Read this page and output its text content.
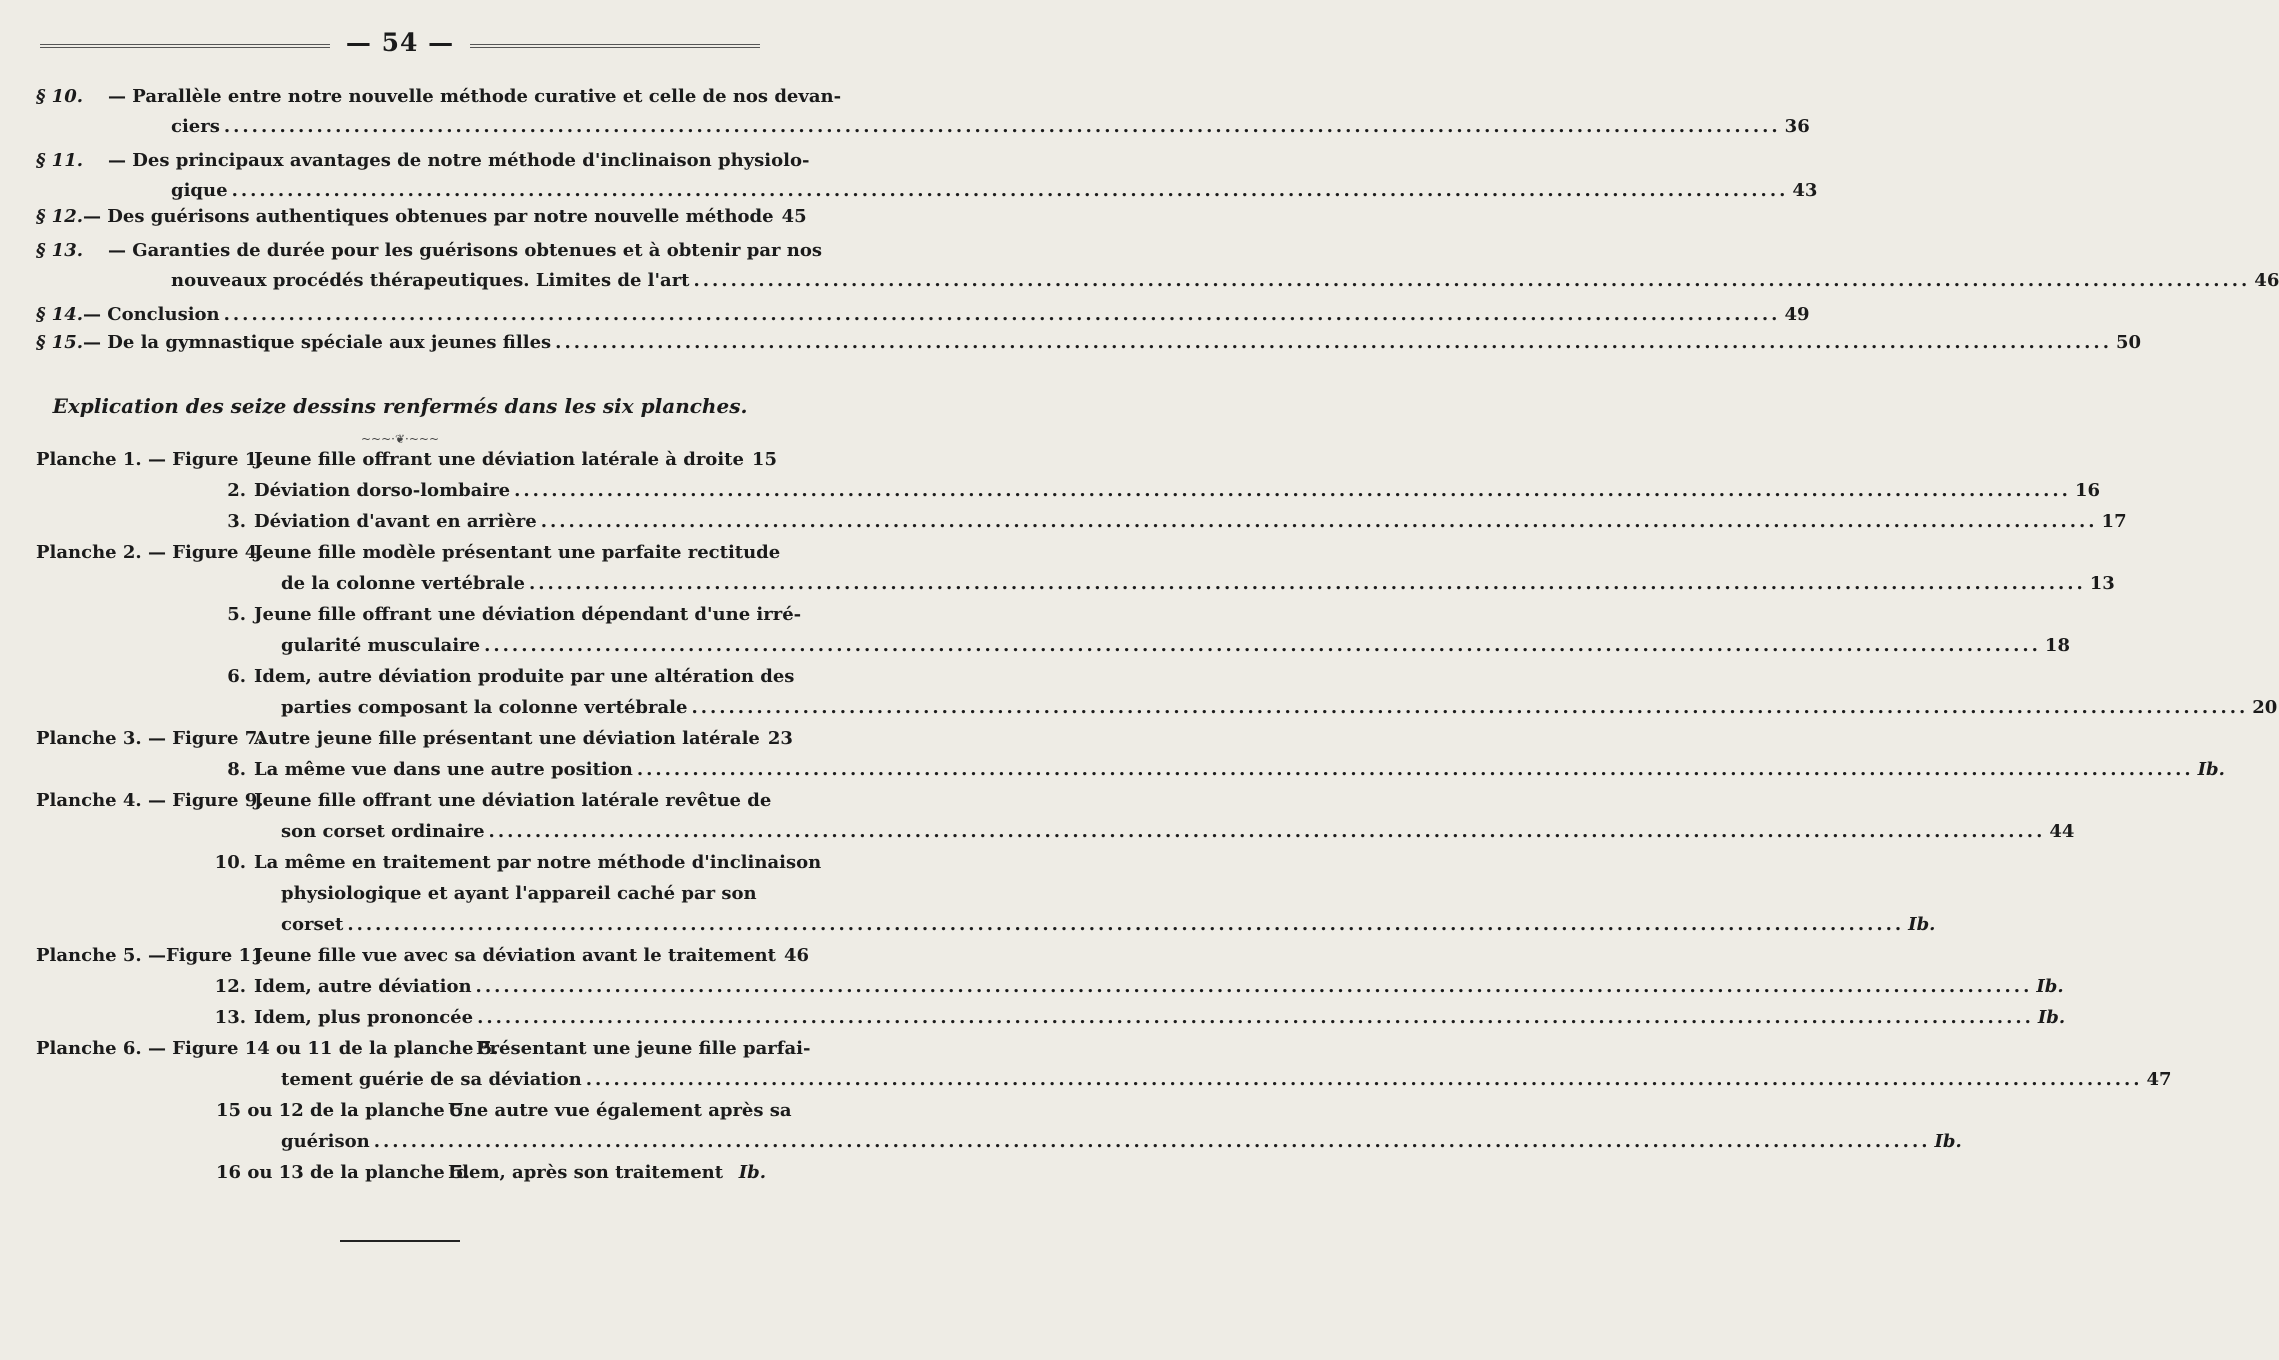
— 54 —
§ 10. — Parallèle entre notre nouvelle méthode curative et celle de nos devan-
ciers .....	36
§ 11. — Des principaux avantages de notre méthode d'inclinaison physiolo-
gique .....	43
§ 12. — Des guérisons authentiques obtenues par notre nouvelle méthode 45
§ 13. — Garanties de durée pour les guérisons obtenues et à obtenir par nos
nouveaux procédés thérapeutiques. Limites de l'art .....	46
§ 14. — Conclusion .....	49
§ 15. — De la gymnastique spéciale aux jeunes filles .....	50
Explication des seize dessins renfermés dans les six planches.
~~~·❦·~~~
Planche 1. — Figure 1.
Jeune fille offrant une déviation latérale à droite 15
2. Déviation dorso-lombaire .....	16
3. Déviation d'avant en arrière .....	17
Planche 2. — Figure 4.
Jeune fille modèle présentant une parfaite rectitude
de la colonne vertébrale .....	13
5. Jeune fille offrant une déviation dépendant d'une irré-
gularité musculaire .....	18
6. Idem, autre déviation produite par une altération des
parties composant la colonne vertébrale .....	20
Planche 3. — Figure 7.
Autre jeune fille présentant une déviation latérale 23
8. La même vue dans une autre position .....	Ib.
Planche 4. — Figure 9.
Jeune fille offrant une déviation latérale revêtue de
son corset ordinaire .....	44
10. La même en traitement par notre méthode d'inclinaison
physiologique et ayant l'appareil caché par son
corset .....	Ib.
Planche 5. —Figure 11.
Jeune fille vue avec sa déviation avant le traitement 46
12. Idem, autre déviation .....	Ib.
13. Idem, plus prononcée .....	Ib.
Planche 6. — Figure 14 ou 11 de la planche 5.
Présentant une jeune fille parfai-
tement guérie de sa déviation .....	47
15 ou 12 de la planche 5.
Une autre vue également après sa
guérison .....	Ib.
16 ou 13 de la planche 5.
Idem, après son traitement Ib.
